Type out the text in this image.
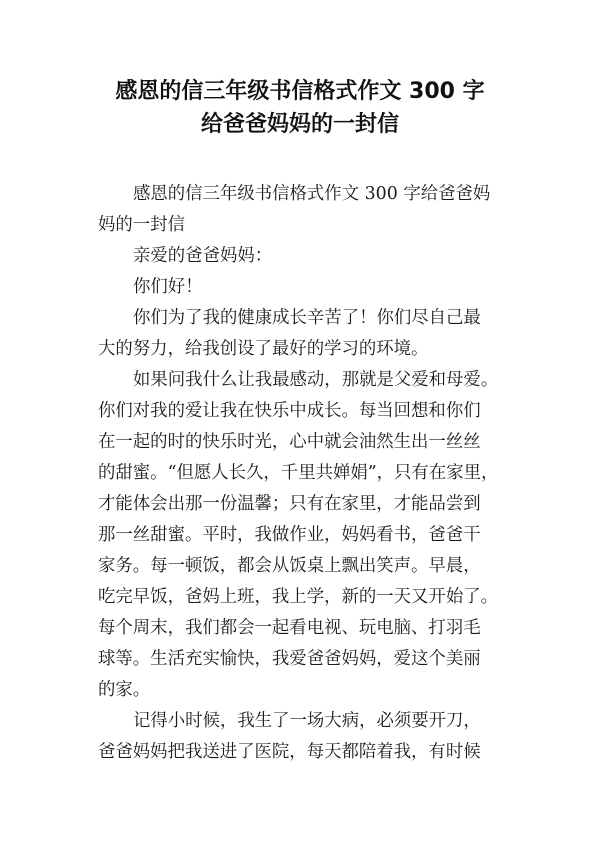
感恩的信三年级书信格式作文 300 字
给爸爸妈妈的一封信
感恩的信三年级书信格式作文 300 字给爸爸妈
妈的一封信
亲爱的爸爸妈妈：
你们好！
你们为了我的健康成长辛苦了！你们尽自己最
大的努力，给我创设了最好的学习的环境。
如果问我什么让我最感动，那就是父爱和母爱。
你们对我的爱让我在快乐中成长。每当回想和你们
在一起的时的快乐时光，心中就会油然生出一丝丝
的甜蜜。“但愿人长久，千里共婵娟”，只有在家里，
才能体会出那一份温馨；只有在家里，才能品尝到
那一丝甜蜜。平时，我做作业，妈妈看书，爸爸干
家务。每一顿饭，都会从饭桌上飘出笑声。早晨，
吃完早饭，爸妈上班，我上学，新的一天又开始了。
每个周末，我们都会一起看电视、玩电脑、打羽毛
球等。生活充实愉快，我爱爸爸妈妈，爱这个美丽
的家。
记得小时候，我生了一场大病，必须要开刀，
爸爸妈妈把我送进了医院，每天都陪着我，有时候
